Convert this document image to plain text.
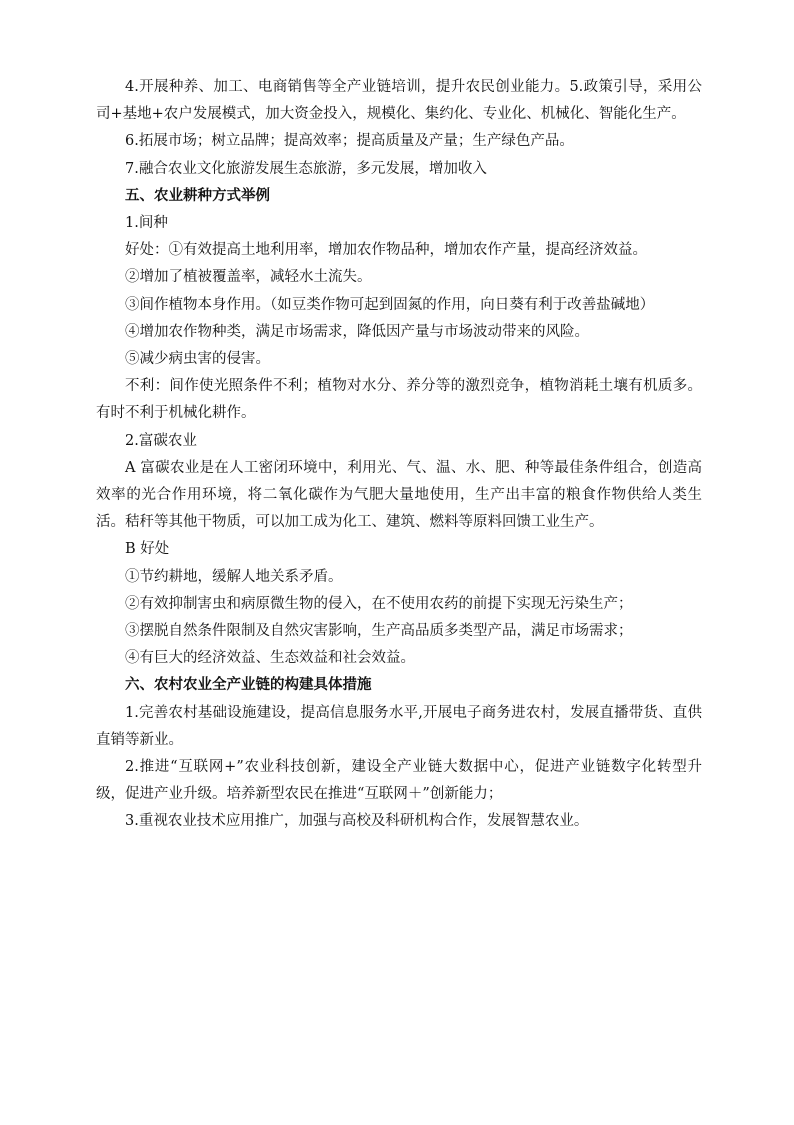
4.开展种养、加工、电商销售等全产业链培训，提升农民创业能力。5.政策引导，采用公司+基地+农户发展模式，加大资金投入，规模化、集约化、专业化、机械化、智能化生产。

6.拓展市场；树立品牌；提高效率；提高质量及产量；生产绿色产品。

7.融合农业文化旅游发展生态旅游，多元发展，增加收入

五、农业耕种方式举例

1.间种

好处：①有效提高土地利用率，增加农作物品种，增加农作产量，提高经济效益。

②增加了植被覆盖率，减轻水土流失。

③间作植物本身作用。（如豆类作物可起到固氮的作用，向日葵有利于改善盐碱地）

④增加农作物种类，满足市场需求，降低因产量与市场波动带来的风险。

⑤减少病虫害的侵害。

不利：间作使光照条件不利；植物对水分、养分等的激烈竞争，植物消耗土壤有机质多。有时不利于机械化耕作。

2.富碳农业

A 富碳农业是在人工密闭环境中，利用光、气、温、水、肥、种等最佳条件组合，创造高效率的光合作用环境，将二氧化碳作为气肥大量地使用，生产出丰富的粮食作物供给人类生活。秸秆等其他干物质，可以加工成为化工、建筑、燃料等原料回馈工业生产。

B 好处

①节约耕地，缓解人地关系矛盾。

②有效抑制害虫和病原微生物的侵入，在不使用农药的前提下实现无污染生产；

③摆脱自然条件限制及自然灾害影响，生产高品质多类型产品，满足市场需求；

④有巨大的经济效益、生态效益和社会效益。

六、农村农业全产业链的构建具体措施

1.完善农村基础设施建设，提高信息服务水平,开展电子商务进农村，发展直播带货、直供直销等新业。

2.推进“互联网+”农业科技创新，建设全产业链大数据中心，促进产业链数字化转型升级，促进产业升级。培养新型农民在推进“互联网＋”创新能力；

3.重视农业技术应用推广，加强与高校及科研机构合作，发展智慧农业。
